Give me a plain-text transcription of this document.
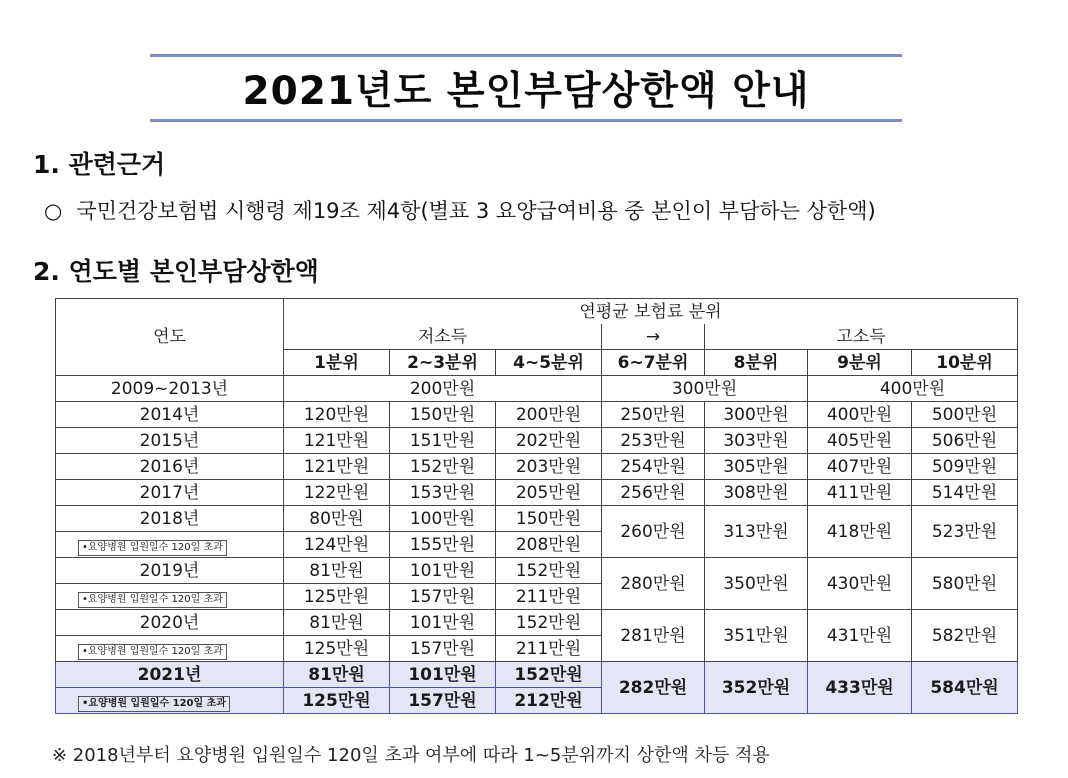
2021년도 본인부담상한액 안내
1. 관련근거
○ 국민건강보험법 시행령 제19조 제4항(별표 3 요양급여비용 중 본인이 부담하는 상한액)
2. 연도별 본인부담상한액
연도	연평균 보험료 분위						
	저소득			→	고소득		
	1분위	2~3분위	4~5분위	6~7분위	8분위	9분위	10분위
2009~2013년	200만원			300만원		400만원	
2014년	120만원	150만원	200만원	250만원	300만원	400만원	500만원
2015년	121만원	151만원	202만원	253만원	303만원	405만원	506만원
2016년	121만원	152만원	203만원	254만원	305만원	407만원	509만원
2017년	122만원	153만원	205만원	256만원	308만원	411만원	514만원
2018년	80만원	100만원	150만원	260만원	313만원	418만원	523만원
•요양병원 입원일수 120일 초과	124만원	155만원	208만원				
2019년	81만원	101만원	152만원	280만원	350만원	430만원	580만원
•요양병원 입원일수 120일 초과	125만원	157만원	211만원				
2020년	81만원	101만원	152만원	281만원	351만원	431만원	582만원
•요양병원 입원일수 120일 초과	125만원	157만원	211만원				
2021년	81만원	101만원	152만원	282만원	352만원	433만원	584만원
•요양병원 입원일수 120일 초과	125만원	157만원	212만원				
※ 2018년부터 요양병원 입원일수 120일 초과 여부에 따라 1~5분위까지 상한액 차등 적용
